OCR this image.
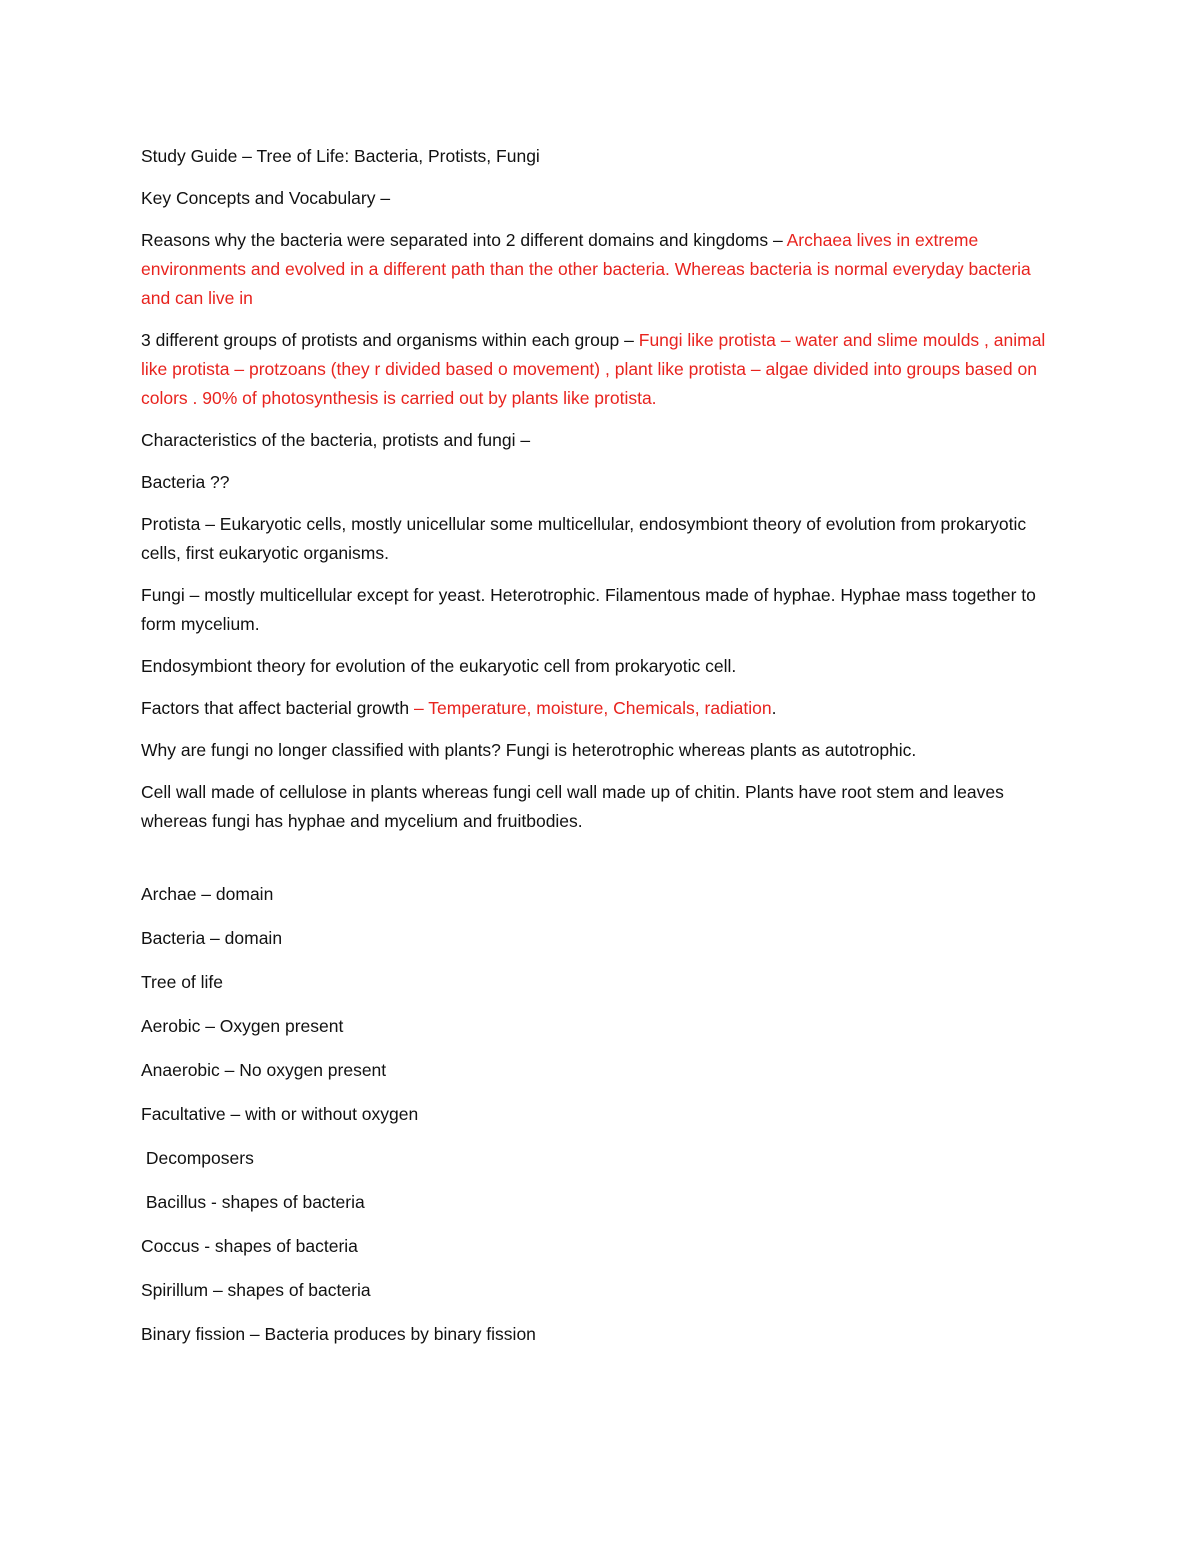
Study Guide – Tree of Life: Bacteria, Protists, Fungi

Key Concepts and Vocabulary –

Reasons why the bacteria were separated into 2 different domains and kingdoms – Archaea lives in extreme environments and evolved in a different path than the other bacteria. Whereas bacteria is normal everyday bacteria and can live in

3 different groups of protists and organisms within each group – Fungi like protista – water and slime moulds , animal like protista – protzoans (they r divided based o movement) , plant like protista – algae divided into groups based on colors . 90% of photosynthesis is carried out by plants like protista.

Characteristics of the bacteria, protists and fungi –

Bacteria ??

Protista – Eukaryotic cells, mostly unicellular some multicellular, endosymbiont theory of evolution from prokaryotic cells, first eukaryotic organisms.

Fungi – mostly multicellular except for yeast. Heterotrophic. Filamentous made of hyphae. Hyphae mass together to form mycelium.

Endosymbiont theory for evolution of the eukaryotic cell from prokaryotic cell.

Factors that affect bacterial growth – Temperature, moisture, Chemicals, radiation.

Why are fungi no longer classified with plants? Fungi is heterotrophic whereas plants as autotrophic.

Cell wall made of cellulose in plants whereas fungi cell wall made up of chitin. Plants have root stem and leaves whereas fungi has hyphae and mycelium and fruitbodies.

Archae – domain
Bacteria – domain
Tree of life
Aerobic – Oxygen present
Anaerobic – No oxygen present
Facultative – with or without oxygen
Decomposers
Bacillus - shapes of bacteria
Coccus - shapes of bacteria
Spirillum – shapes of bacteria
Binary fission – Bacteria produces by binary fission
